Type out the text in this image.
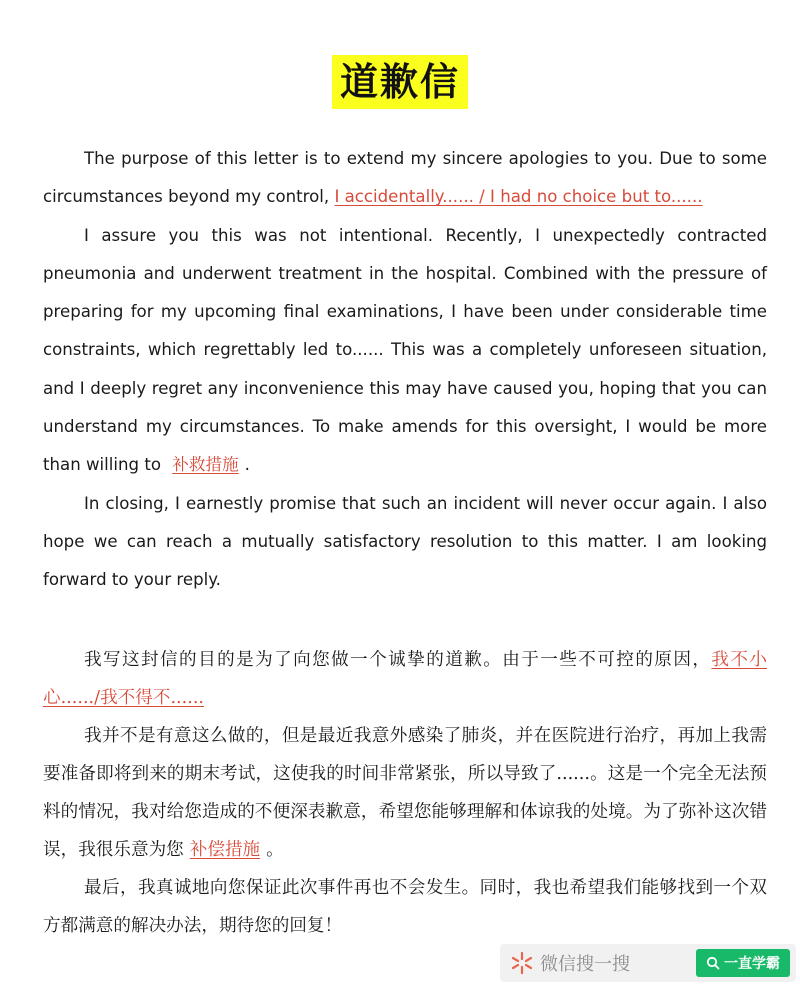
道歉信

The purpose of this letter is to extend my sincere apologies to you. Due to some circumstances beyond my control, I accidentally...... / I had no choice but to......

I assure you this was not intentional. Recently, I unexpectedly contracted pneumonia and underwent treatment in the hospital. Combined with the pressure of preparing for my upcoming final examinations, I have been under considerable time constraints, which regrettably led to...... This was a completely unforeseen situation, and I deeply regret any inconvenience this may have caused you, hoping that you can understand my circumstances. To make amends for this oversight, I would be more than willing to 补救措施 .

In closing, I earnestly promise that such an incident will never occur again. I also hope we can reach a mutually satisfactory resolution to this matter. I am looking forward to your reply.

我写这封信的目的是为了向您做一个诚挚的道歉。由于一些不可控的原因，我不小心....../我不得不......

我并不是有意这么做的，但是最近我意外感染了肺炎，并在医院进行治疗，再加上我需要准备即将到来的期末考试，这使我的时间非常紧张，所以导致了......。这是一个完全无法预料的情况，我对给您造成的不便深表歉意，希望您能够理解和体谅我的处境。为了弥补这次错误，我很乐意为您 补偿措施 。

最后，我真诚地向您保证此次事件再也不会发生。同时，我也希望我们能够找到一个双方都满意的解决办法，期待您的回复！

微信搜一搜	一直学霸
